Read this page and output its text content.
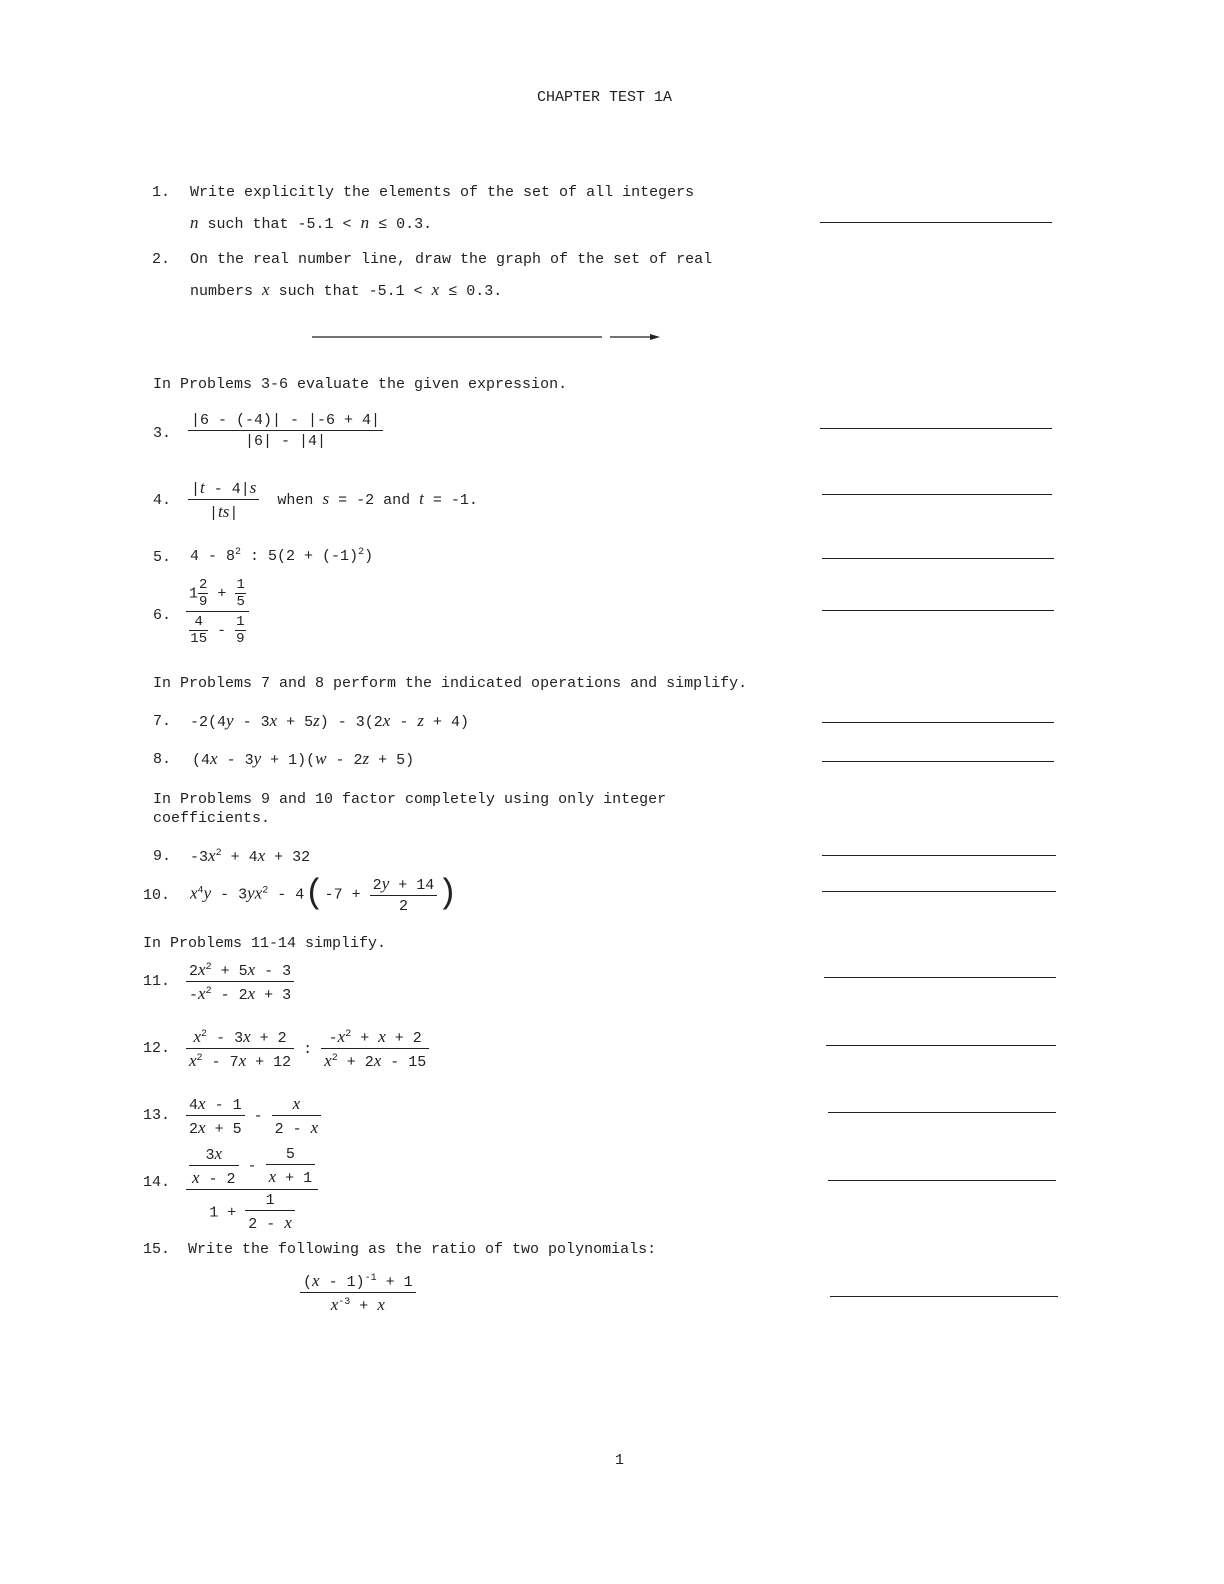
CHAPTER TEST 1A
1. Write explicitly the elements of the set of all integers
n such that -5.1 < n ≤ 0.3.
2. On the real number line, draw the graph of the set of real
numbers x such that -5.1 < x ≤ 0.3.
In Problems 3-6 evaluate the given expression.
3. $\frac{|6 - (-4)| - |-6 + 4|}{|6| - |4|}$
4. $\frac{|t - 4|s}{|ts|}$ when s = -2 and t = -1.
5. $4 - 8^2$ : $5(2 + (-1)^2)$
6. $\frac{1 \frac{2}{9} + \frac{1}{5}}{\frac{4}{15} - \frac{1}{9}}$
In Problems 7 and 8 perform the indicated operations and simplify.
7. -2(4y - 3x + 5z) - 3(2x - z + 4)
8. (4x - 3y + 1)(w - 2z + 5)
In Problems 9 and 10 factor completely using only integer
coefficients.
9. $-3x^2 + 4x + 32$
10. $x^4y - 3yx^2 - 4(-7 + \frac{2y + 14}{2}$ )
In Problems 11-14 simplify.
11. $\frac{2x^2 + 5x - 3}{-x^2 - 2x + 3}$
12. $\frac{x^2 - 3x + 2}{x^2 - 7x + 12}$ : $\frac{-x^2 + x + 2}{x^2 + 2x - 15}$
13. $\frac{4x - 1}{2x + 5} - \frac{x}{2 - x}$
14. $\frac{\frac{3x}{x - 2} - \frac{5}{x + 1}}{1 + \frac{1}{2 - x}}$
15. Write the following as the ratio of two polynomials:
$\frac{(x - 1)^{-1} + 1}{x^{-3} + x}$
1
